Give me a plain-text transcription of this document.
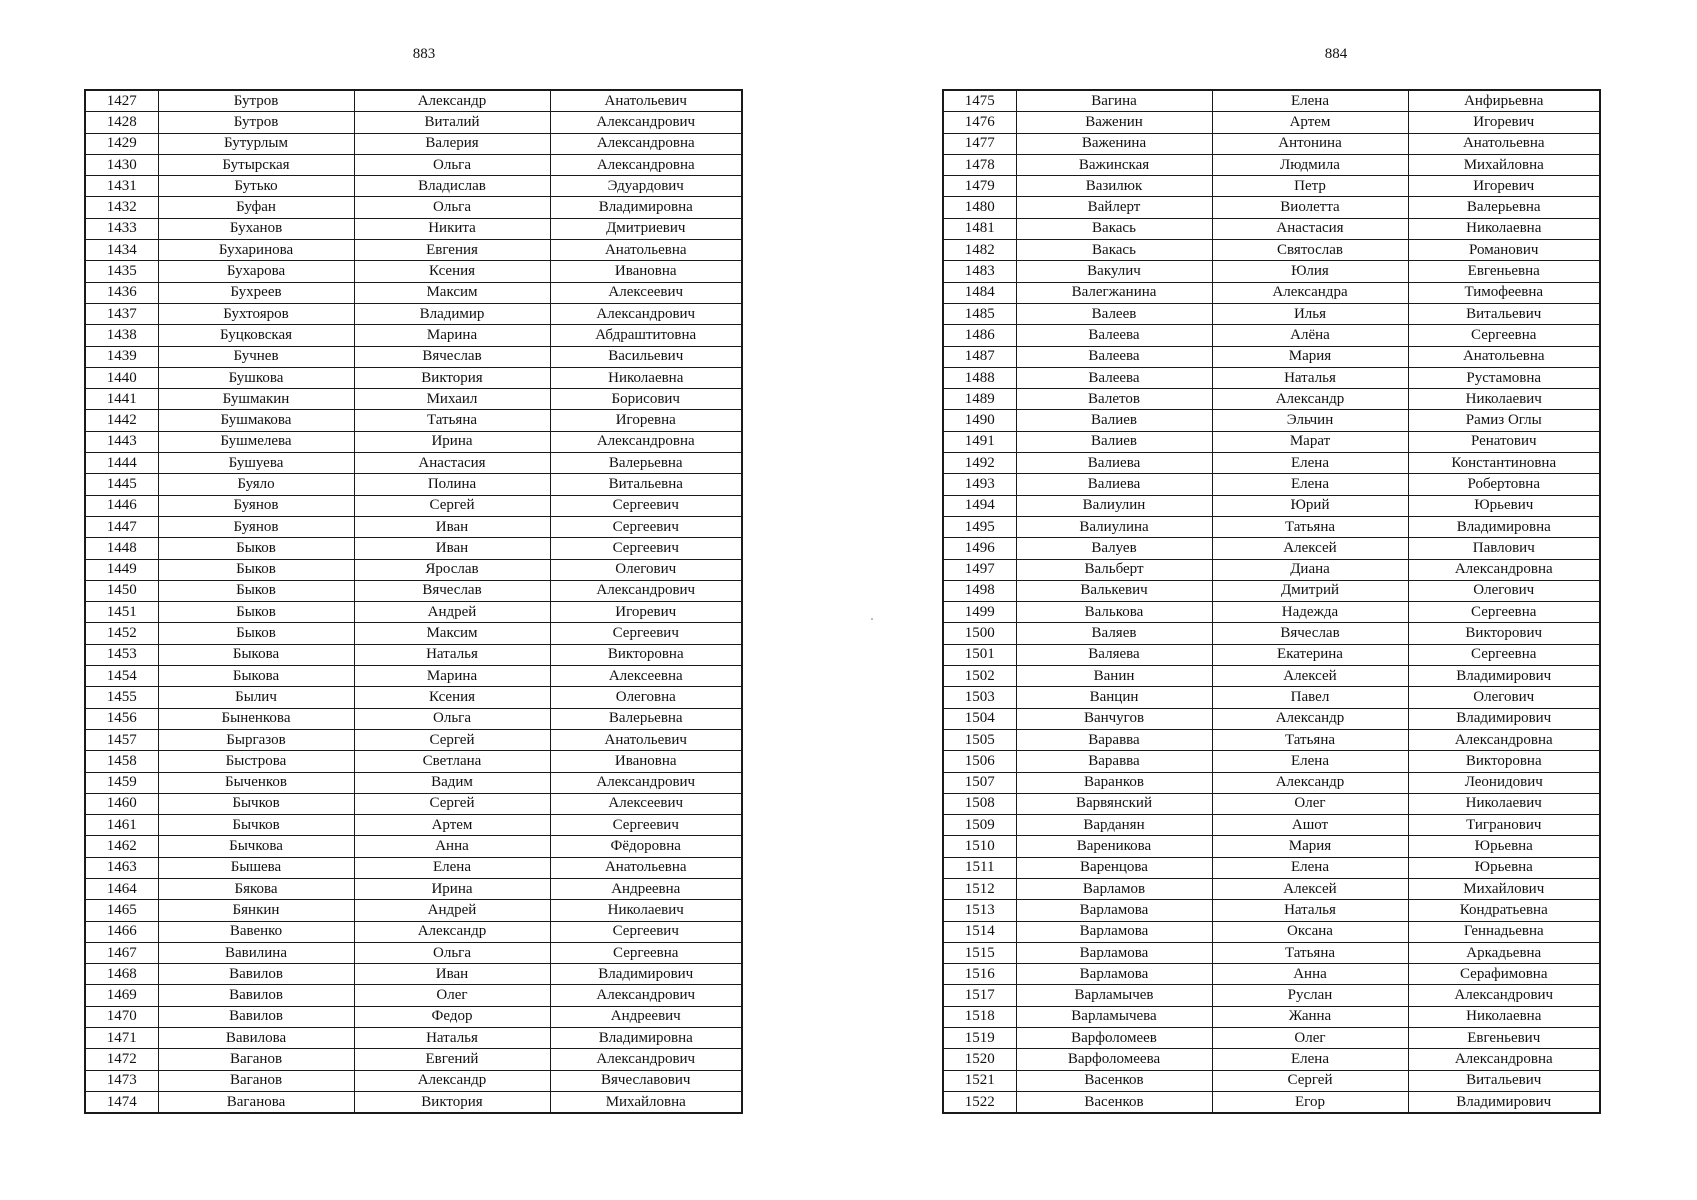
883
1427	Бутров	Александр	Анатольевич
1428	Бутров	Виталий	Александрович
1429	Бутурлым	Валерия	Александровна
1430	Бутырская	Ольга	Александровна
1431	Бутько	Владислав	Эдуардович
1432	Буфан	Ольга	Владимировна
1433	Буханов	Никита	Дмитриевич
1434	Бухаринова	Евгения	Анатольевна
1435	Бухарова	Ксения	Ивановна
1436	Бухреев	Максим	Алексеевич
1437	Бухтояров	Владимир	Александрович
1438	Буцковская	Марина	Абдраштитовна
1439	Бучнев	Вячеслав	Васильевич
1440	Бушкова	Виктория	Николаевна
1441	Бушмакин	Михаил	Борисович
1442	Бушмакова	Татьяна	Игоревна
1443	Бушмелева	Ирина	Александровна
1444	Бушуева	Анастасия	Валерьевна
1445	Буяло	Полина	Витальевна
1446	Буянов	Сергей	Сергеевич
1447	Буянов	Иван	Сергеевич
1448	Быков	Иван	Сергеевич
1449	Быков	Ярослав	Олегович
1450	Быков	Вячеслав	Александрович
1451	Быков	Андрей	Игоревич
1452	Быков	Максим	Сергеевич
1453	Быкова	Наталья	Викторовна
1454	Быкова	Марина	Алексеевна
1455	Былич	Ксения	Олеговна
1456	Быненкова	Ольга	Валерьевна
1457	Быргазов	Сергей	Анатольевич
1458	Быстрова	Светлана	Ивановна
1459	Быченков	Вадим	Александрович
1460	Бычков	Сергей	Алексеевич
1461	Бычков	Артем	Сергеевич
1462	Бычкова	Анна	Фёдоровна
1463	Бышева	Елена	Анатольевна
1464	Бякова	Ирина	Андреевна
1465	Бянкин	Андрей	Николаевич
1466	Вавенко	Александр	Сергеевич
1467	Вавилина	Ольга	Сергеевна
1468	Вавилов	Иван	Владимирович
1469	Вавилов	Олег	Александрович
1470	Вавилов	Федор	Андреевич
1471	Вавилова	Наталья	Владимировна
1472	Ваганов	Евгений	Александрович
1473	Ваганов	Александр	Вячеславович
1474	Ваганова	Виктория	Михайловна
884
1475	Вагина	Елена	Анфирьевна
1476	Важенин	Артем	Игоревич
1477	Важенина	Антонина	Анатольевна
1478	Важинская	Людмила	Михайловна
1479	Вазилюк	Петр	Игоревич
1480	Вайлерт	Виолетта	Валерьевна
1481	Вакась	Анастасия	Николаевна
1482	Вакась	Святослав	Романович
1483	Вакулич	Юлия	Евгеньевна
1484	Валегжанина	Александра	Тимофеевна
1485	Валеев	Илья	Витальевич
1486	Валеева	Алёна	Сергеевна
1487	Валеева	Мария	Анатольевна
1488	Валеева	Наталья	Рустамовна
1489	Валетов	Александр	Николаевич
1490	Валиев	Эльчин	Рамиз Оглы
1491	Валиев	Марат	Ренатович
1492	Валиева	Елена	Константиновна
1493	Валиева	Елена	Робертовна
1494	Валиулин	Юрий	Юрьевич
1495	Валиулина	Татьяна	Владимировна
1496	Валуев	Алексей	Павлович
1497	Вальберт	Диана	Александровна
1498	Валькевич	Дмитрий	Олегович
1499	Валькова	Надежда	Сергеевна
1500	Валяев	Вячеслав	Викторович
1501	Валяева	Екатерина	Сергеевна
1502	Ванин	Алексей	Владимирович
1503	Ванцин	Павел	Олегович
1504	Ванчугов	Александр	Владимирович
1505	Варавва	Татьяна	Александровна
1506	Варавва	Елена	Викторовна
1507	Варанков	Александр	Леонидович
1508	Варвянский	Олег	Николаевич
1509	Варданян	Ашот	Тигранович
1510	Вареникова	Мария	Юрьевна
1511	Варенцова	Елена	Юрьевна
1512	Варламов	Алексей	Михайлович
1513	Варламова	Наталья	Кондратьевна
1514	Варламова	Оксана	Геннадьевна
1515	Варламова	Татьяна	Аркадьевна
1516	Варламова	Анна	Серафимовна
1517	Варламычев	Руслан	Александрович
1518	Варламычева	Жанна	Николаевна
1519	Варфоломеев	Олег	Евгеньевич
1520	Варфоломеева	Елена	Александровна
1521	Васенков	Сергей	Витальевич
1522	Васенков	Егор	Владимирович
